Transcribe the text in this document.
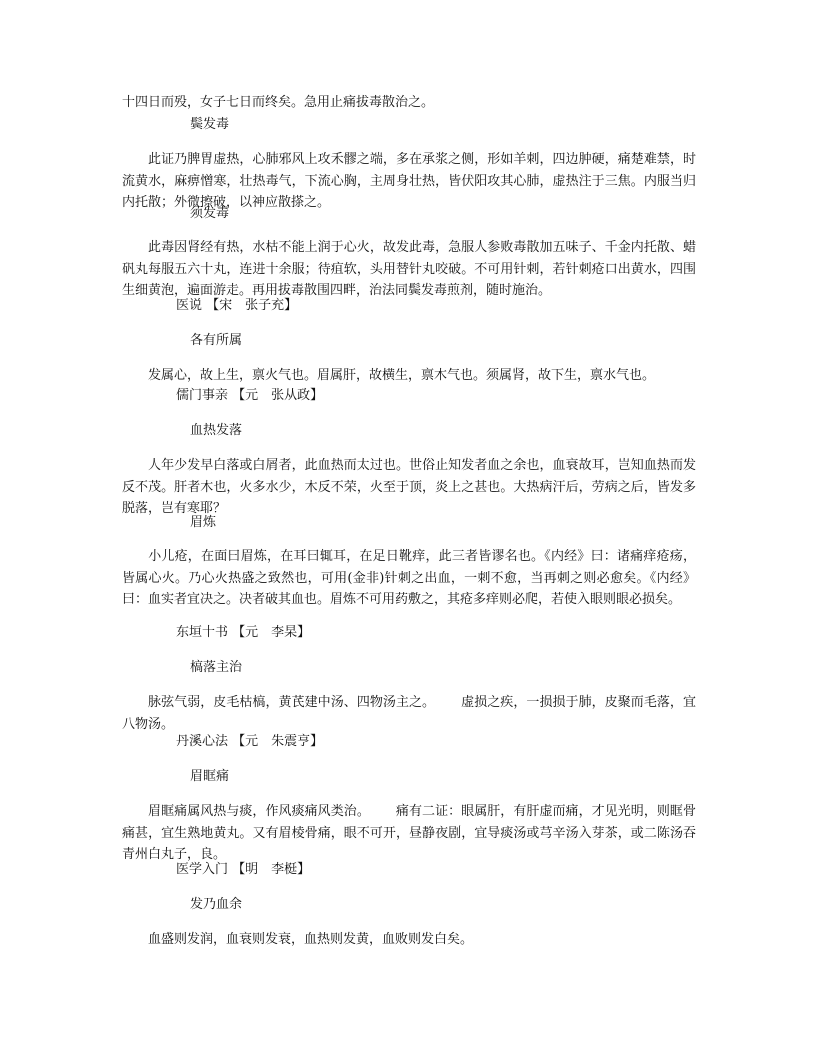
十四日而殁，女子七日而终矣。急用止痛拔毒散治之。
鬓发毒
此证乃脾胃虚热，心肺邪风上攻禾髎之端，多在承浆之侧，形如羊刺，四边肿硬，痛楚难禁，时流黄水，麻痹憎寒，壮热毒气，下流心胸，主周身壮热，皆伏阳攻其心肺，虚热注于三焦。内服当归内托散；外微擦破，以神应散搽之。
须发毒
此毒因肾经有热，水枯不能上润于心火，故发此毒，急服人参败毒散加五味子、千金内托散、蜡矾丸每服五六十丸，连进十余服；待疽软，头用替针丸咬破。不可用针刺，若针刺疮口出黄水，四围生细黄泡，遍面游走。再用拔毒散围四畔，治法同鬓发毒煎剂，随时施治。
医说 【宋　张子充】
各有所属
发属心，故上生，禀火气也。眉属肝，故横生，禀木气也。须属肾，故下生，禀水气也。
儒门事亲 【元　张从政】
血热发落
人年少发早白落或白屑者，此血热而太过也。世俗止知发者血之余也，血衰故耳，岂知血热而发反不茂。肝者木也，火多水少，木反不荣，火至于顶，炎上之甚也。大热病汗后，劳病之后，皆发多脱落，岂有寒耶？
眉炼
小儿疮，在面曰眉炼，在耳曰辄耳，在足日靴痒，此三者皆谬名也。《内经》曰：诸痛痒疮疡，皆属心火。乃心火热盛之致然也，可用(金非)针刺之出血，一刺不愈，当再刺之则必愈矣。《内经》曰：血实者宜决之。决者破其血也。眉炼不可用药敷之，其疮多痒则必爬，若使入眼则眼必损矣。
东垣十书 【元　李杲】
槁落主治
脉弦气弱，皮毛枯槁，黄芪建中汤、四物汤主之。 虚损之疾，一损损于肺，皮聚而毛落，宜八物汤。
丹溪心法 【元　朱震亨】
眉眶痛
眉眶痛属风热与痰，作风痰痛风类治。 痛有二证：眼属肝，有肝虚而痛，才见光明，则眶骨痛甚，宜生熟地黄丸。又有眉棱骨痛，眼不可开，昼静夜剧，宜导痰汤或芎辛汤入芽茶，或二陈汤吞青州白丸子，良。
医学入门 【明　李梃】
发乃血余
血盛则发润，血衰则发衰，血热则发黄，血败则发白矣。
